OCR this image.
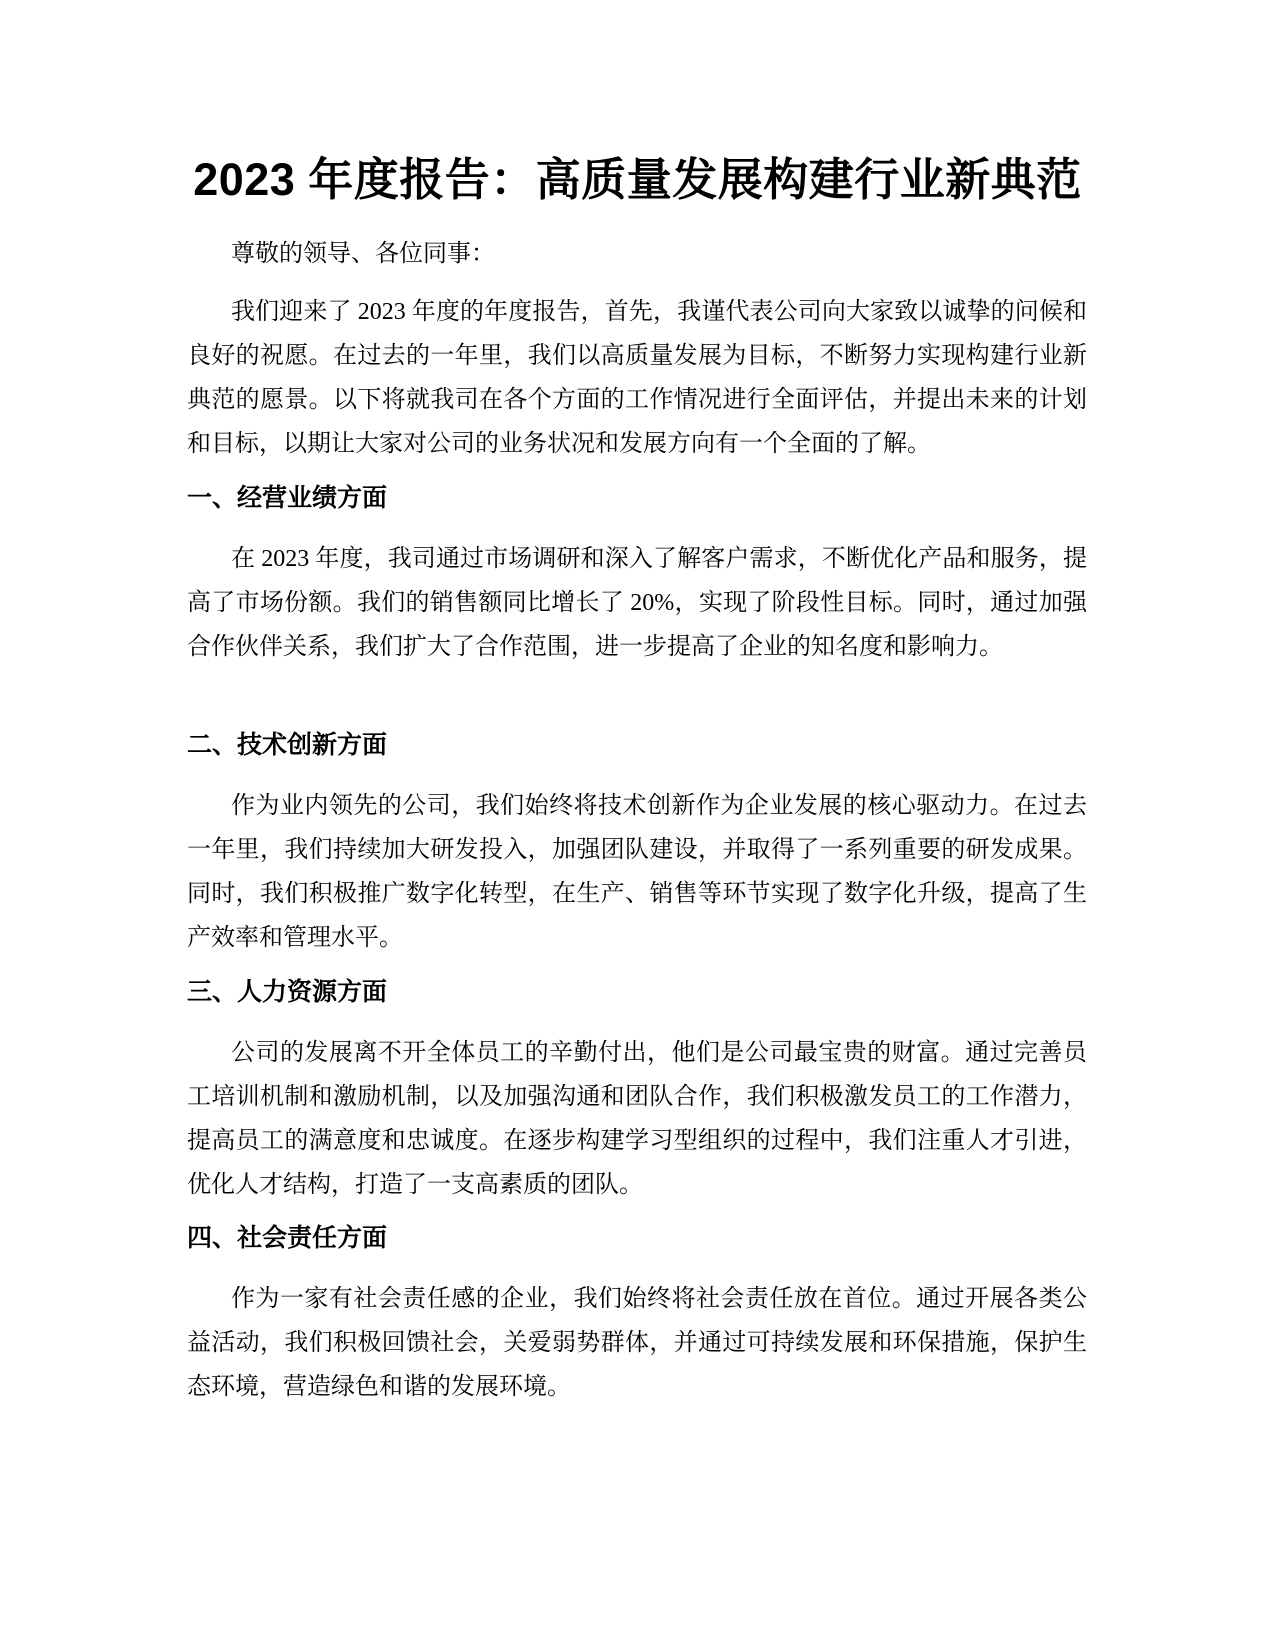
2023 年度报告：高质量发展构建行业新典范

尊敬的领导、各位同事：

我们迎来了 2023 年度的年度报告，首先，我谨代表公司向大家致以诚挚的问候和良好的祝愿。在过去的一年里，我们以高质量发展为目标，不断努力实现构建行业新典范的愿景。以下将就我司在各个方面的工作情况进行全面评估，并提出未来的计划和目标，以期让大家对公司的业务状况和发展方向有一个全面的了解。

一、经营业绩方面

在 2023 年度，我司通过市场调研和深入了解客户需求，不断优化产品和服务，提高了市场份额。我们的销售额同比增长了 20%，实现了阶段性目标。同时，通过加强合作伙伴关系，我们扩大了合作范围，进一步提高了企业的知名度和影响力。

二、技术创新方面

作为业内领先的公司，我们始终将技术创新作为企业发展的核心驱动力。在过去一年里，我们持续加大研发投入，加强团队建设，并取得了一系列重要的研发成果。同时，我们积极推广数字化转型，在生产、销售等环节实现了数字化升级，提高了生产效率和管理水平。

三、人力资源方面

公司的发展离不开全体员工的辛勤付出，他们是公司最宝贵的财富。通过完善员工培训机制和激励机制，以及加强沟通和团队合作，我们积极激发员工的工作潜力，提高员工的满意度和忠诚度。在逐步构建学习型组织的过程中，我们注重人才引进，优化人才结构，打造了一支高素质的团队。

四、社会责任方面

作为一家有社会责任感的企业，我们始终将社会责任放在首位。通过开展各类公益活动，我们积极回馈社会，关爱弱势群体，并通过可持续发展和环保措施，保护生态环境，营造绿色和谐的发展环境。
